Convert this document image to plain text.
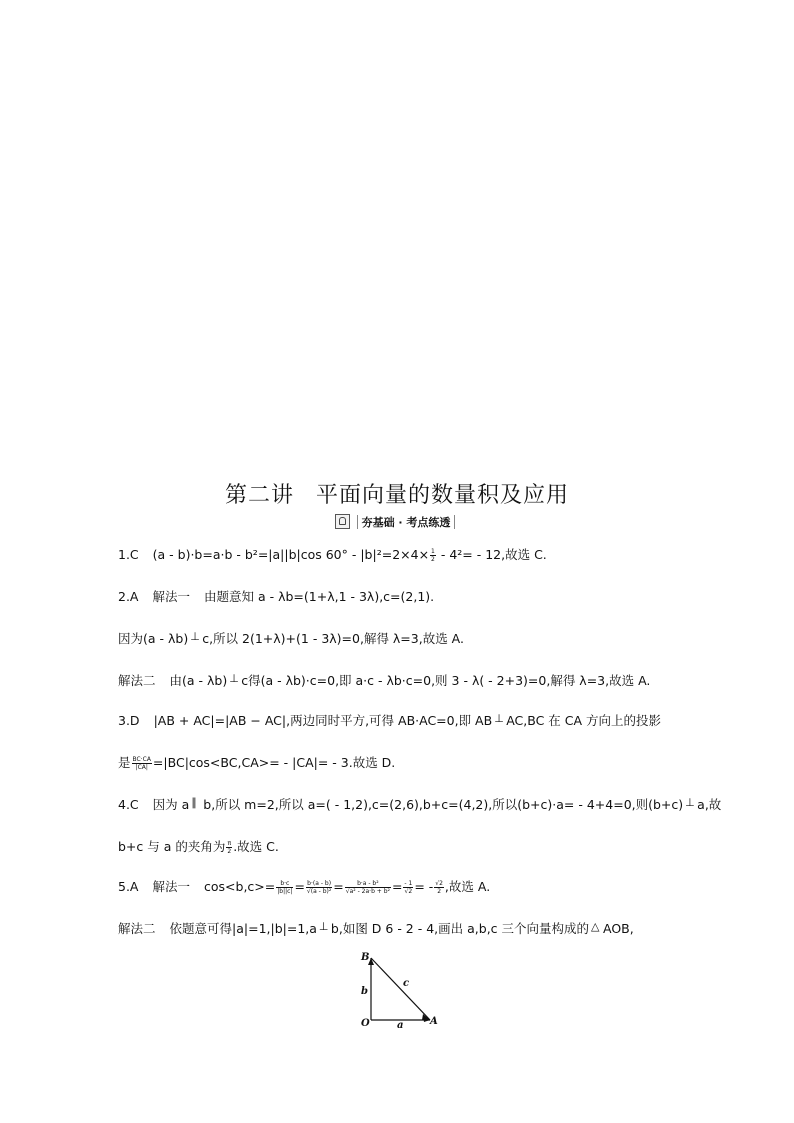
第二讲 平面向量的数量积及应用
夯基础 · 考点练透
1.C (a - b)·b=a·b - b²=|a||b|cos $60^\circ - |b|^2=2\times 4\times \frac{1}{2} - 4^2= - 12$,故选 C.
2.A 解法一 由题意知 a - λb=(1+λ,1 - 3λ),c=(2,1).
因为(a - λb) ⊥ c,所以 2(1+λ)+(1 - 3λ)=0,解得 λ=3,故选 A.
解法二 由(a - λb) ⊥ c得(a - λb)·c=0,即 a·c - λb·c=0,则 3 - λ( - 2+3)=0,解得 λ=3,故选 A.
3.D |AB + AC|=|AB − AC|,两边同时平方,可得 AB·AC=0,即 AB ⊥ AC,BC 在 CA 方向上的投影
是 $\frac{BC\cdot CA}{|CA|} =|BC|\cos<BC,CA>= - |CA|= - 3$.故选 D.
4.C 因为 a ∥ b,所以 m=2,所以 a=( - 1,2),c=(2,6),b+c=(4,2),所以(b+c)·a= - 4+4=0,则(b+c) ⊥ a,故
b+c 与 a 的夹角为 $\frac{\pi}{2}$ .故选 C.
5.A 解法一 $\cos<b,c>= \frac{b\cdot c}{|b||c|} = \frac{b\cdot(a - b)}{\text{√(a - b)²}} = \frac{\text{b·a - b²}}{\text{√a² - 2a·b + b²}} = \frac{- 1}{√2}$ = - $\frac{√2}{2}$ ,故选 A.
解法二 依题意可得|a|=1,|b|=1,a ⊥ b,如图 D 6 - 2 - 4,画出 a,b,c 三个向量构成的 △ AOB,
B
O	A
a
b
c
